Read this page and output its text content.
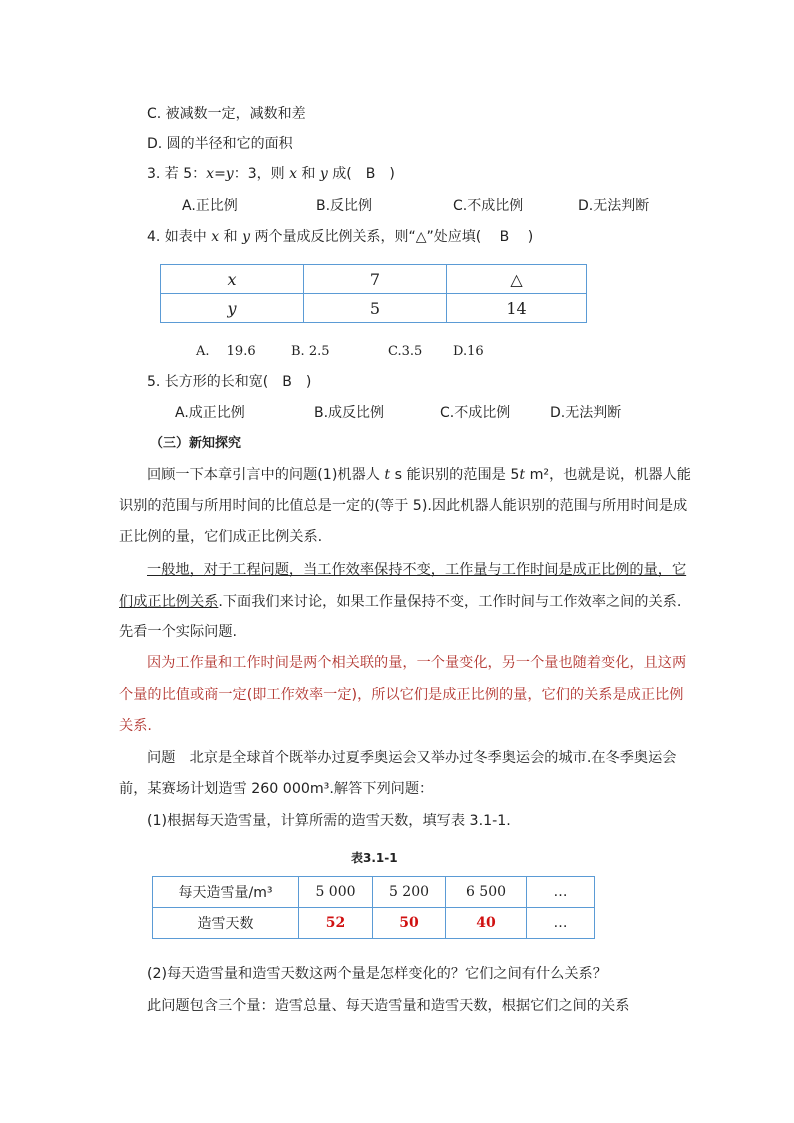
C. 被减数一定，减数和差
D. 圆的半径和它的面积
3. 若 5：x=y：3，则 x 和 y 成(　B　)
A.正比例	B.反比例	C.不成比例	D.无法判断
4. 如表中 x 和 y 两个量成反比例关系，则“△”处应填(　 B　 )
x	7	△
y	5	14
A.　 19.6	B. 2.5	C.3.5 D.16
5. 长方形的长和宽(　B　)
A.成正比例	B.成反比例	C.不成比例	D.无法判断
（三）新知探究
回顾一下本章引言中的问题(1)机器人 t s 能识别的范围是 5t m²，也就是说，机器人能
识别的范围与所用时间的比值总是一定的(等于 5).因此机器人能识别的范围与所用时间是成
正比例的量，它们成正比例关系.
一般地，对于工程问题，当工作效率保持不变，工作量与工作时间是成正比例的量，它
们成正比例关系.下面我们来讨论，如果工作量保持不变，工作时间与工作效率之间的关系.
先看一个实际问题.
因为工作量和工作时间是两个相关联的量，一个量变化，另一个量也随着变化，且这两
个量的比值或商一定(即工作效率一定)，所以它们是成正比例的量，它们的关系是成正比例
关系.
问题　北京是全球首个既举办过夏季奥运会又举办过冬季奥运会的城市.在冬季奥运会
前，某赛场计划造雪 260 000m³.解答下列问题：
(1)根据每天造雪量，计算所需的造雪天数，填写表 3.1-1.
表3.1-1
每天造雪量/m³	5 000	5 200	6 500	…
造雪天数	52	50	40	…
(2)每天造雪量和造雪天数这两个量是怎样变化的？它们之间有什么关系？
此问题包含三个量：造雪总量、每天造雪量和造雪天数，根据它们之间的关系
